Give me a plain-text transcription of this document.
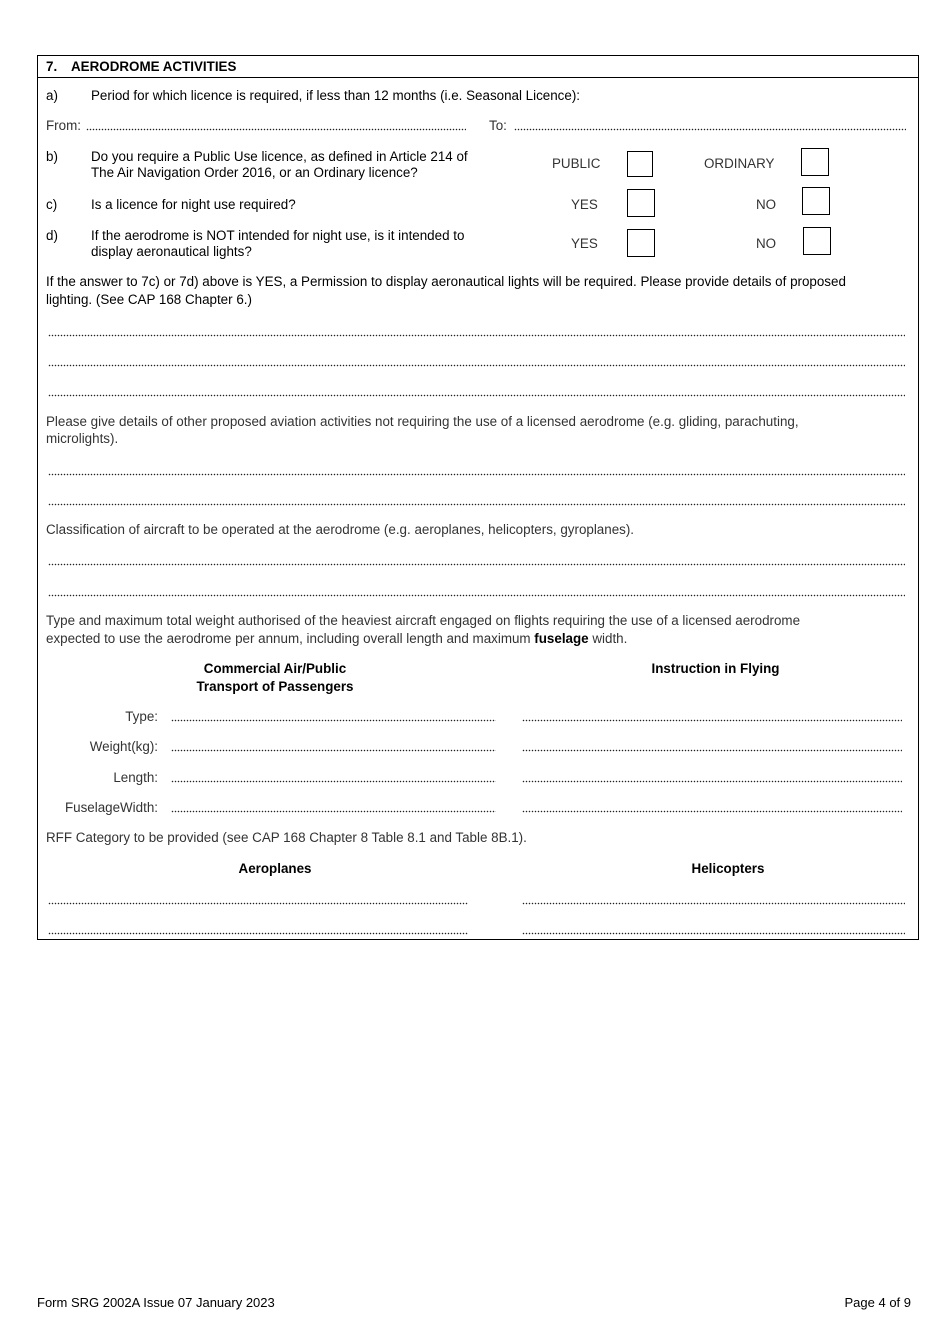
7. AERODROME ACTIVITIES
a) Period for which licence is required, if less than 12 months (i.e. Seasonal Licence):
From:	To:
b) Do you require a Public Use licence, as defined in Article 214 of
The Air Navigation Order 2016, or an Ordinary licence?
PUBLIC	ORDINARY
c)	Is a licence for night use required?	YES	NO
d) If the aerodrome is NOT intended for night use, is it intended to
display aeronautical lights?
YES	NO
If the answer to 7c) or 7d) above is YES, a Permission to display aeronautical lights will be required. Please provide details of proposed
lighting. (See CAP 168 Chapter 6.)
Please give details of other proposed aviation activities not requiring the use of a licensed aerodrome (e.g. gliding, parachuting,
microlights).
Classification of aircraft to be operated at the aerodrome (e.g. aeroplanes, helicopters, gyroplanes).
Type and maximum total weight authorised of the heaviest aircraft engaged on flights requiring the use of a licensed aerodrome
expected to use the aerodrome per annum, including overall length and maximum fuselage width.
Commercial Air/Public
Transport of Passengers
Instruction in Flying
Type:
Weight(kg):
Length:
FuselageWidth:
RFF Category to be provided (see CAP 168 Chapter 8 Table 8.1 and Table 8B.1).
Aeroplanes	Helicopters
Form SRG 2002A Issue 07 January 2023	Page 4 of 9
